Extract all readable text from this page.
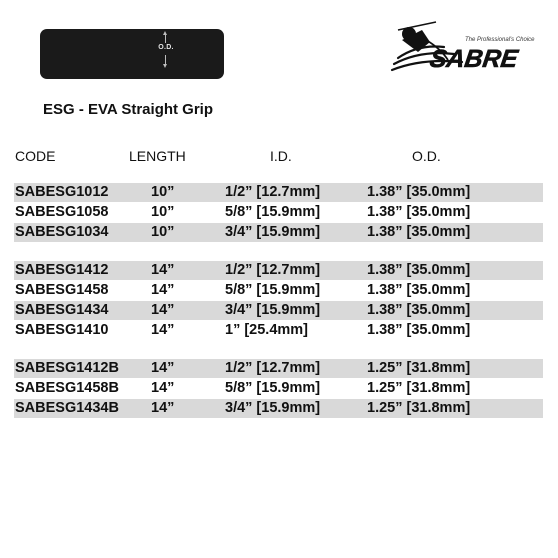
O.D.
The Professional's Choice
SABRE
ESG - EVA Straight Grip
CODE	LENGTH	I.D.	O.D.
SABESG1012	10”	1/2” [12.7mm]	1.38” [35.0mm]
SABESG1058	10”	5/8” [15.9mm]	1.38” [35.0mm]
SABESG1034	10”	3/4” [15.9mm]	1.38” [35.0mm]
SABESG1412	14”	1/2” [12.7mm]	1.38” [35.0mm]
SABESG1458	14”	5/8” [15.9mm]	1.38” [35.0mm]
SABESG1434	14”	3/4” [15.9mm]	1.38” [35.0mm]
SABESG1410	14”	1” [25.4mm]	1.38” [35.0mm]
SABESG1412B 14”	1/2” [12.7mm]	1.25” [31.8mm]
SABESG1458B 14”	5/8” [15.9mm]	1.25” [31.8mm]
SABESG1434B 14”	3/4” [15.9mm]	1.25” [31.8mm]
